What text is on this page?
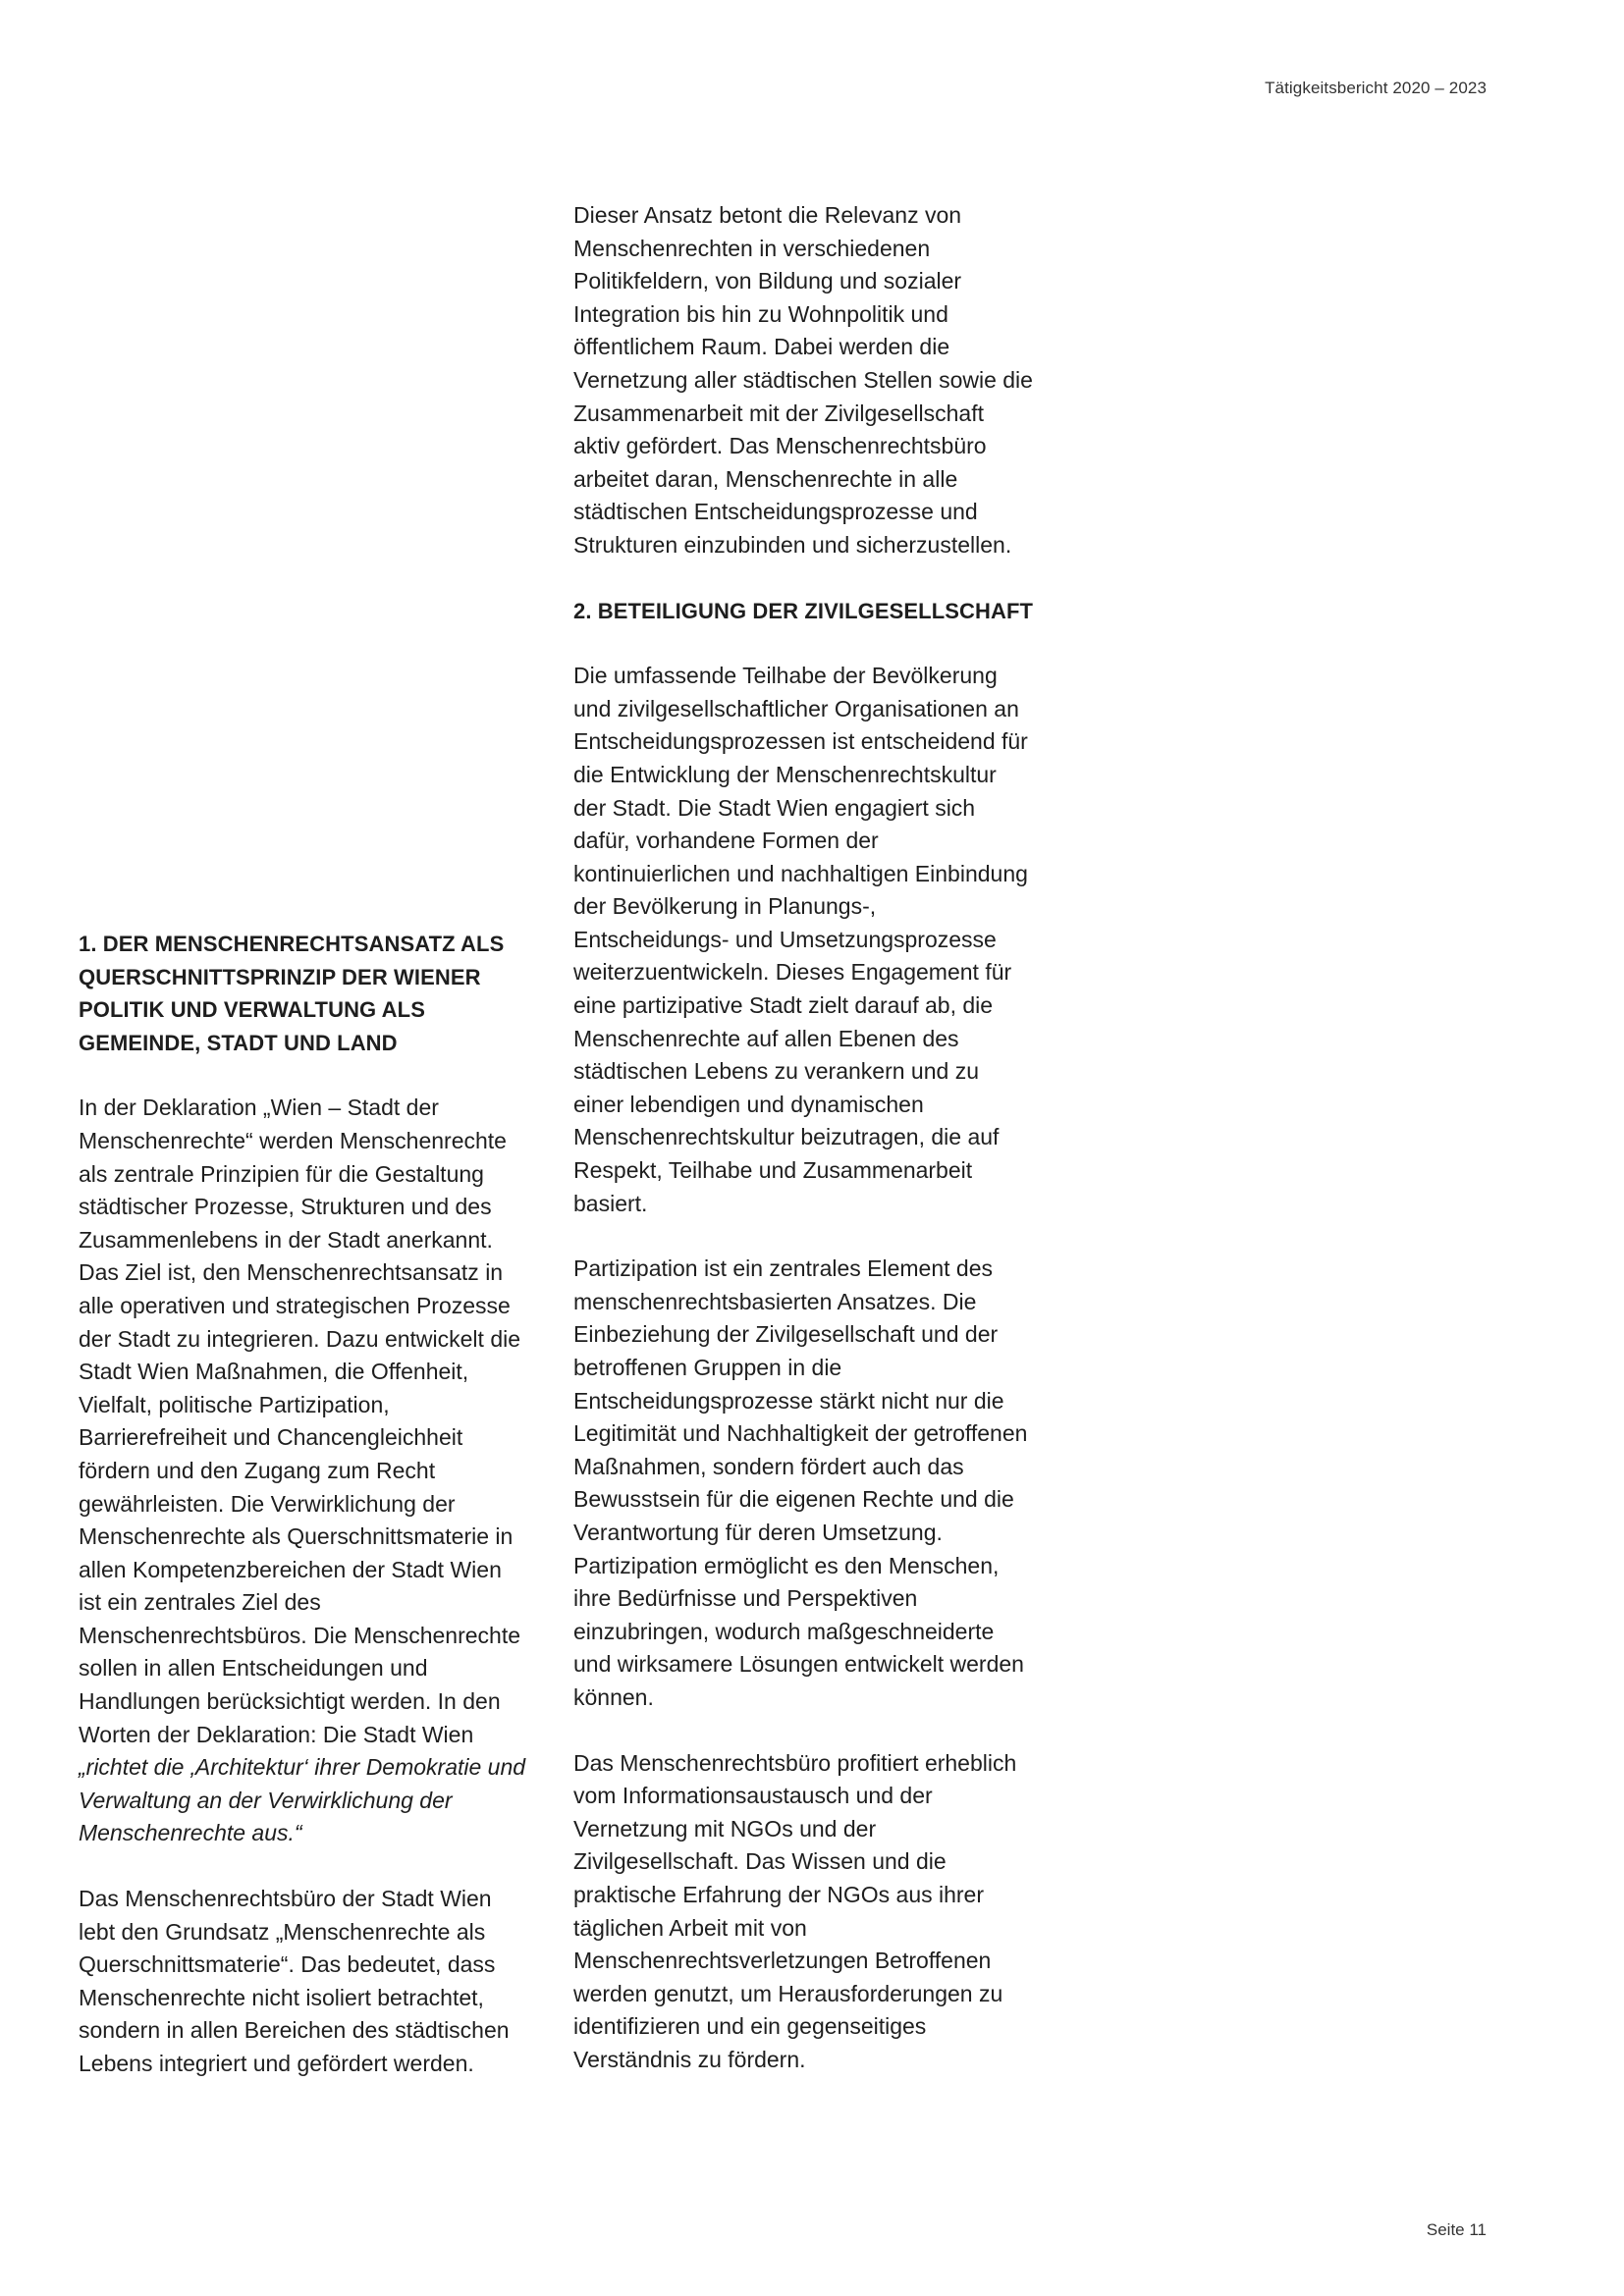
Tätigkeitsbericht 2020 – 2023
1. DER MENSCHENRECHTSANSATZ ALS QUERSCHNITTSPRINZIP DER WIENER POLITIK UND VERWALTUNG ALS GEMEINDE, STADT UND LAND
In der Deklaration „Wien – Stadt der Menschenrechte“ werden Menschenrechte als zentrale Prinzipien für die Gestaltung städtischer Prozesse, Strukturen und des Zusammenlebens in der Stadt anerkannt. Das Ziel ist, den Menschenrechtsansatz in alle operativen und strategischen Prozesse der Stadt zu integrieren. Dazu entwickelt die Stadt Wien Maßnahmen, die Offenheit, Vielfalt, politische Partizipation, Barrierefreiheit und Chancengleichheit fördern und den Zugang zum Recht gewährleisten. Die Verwirklichung der Menschenrechte als Querschnittsmaterie in allen Kompetenzbereichen der Stadt Wien ist ein zentrales Ziel des Menschenrechtsbüros. Die Menschenrechte sollen in allen Entscheidungen und Handlungen berücksichtigt werden. In den Worten der Deklaration: Die Stadt Wien „richtet die ‚Architektur‘ ihrer Demokratie und Verwaltung an der Verwirklichung der Menschenrechte aus.“
Das Menschenrechtsbüro der Stadt Wien lebt den Grundsatz „Menschenrechte als Querschnittsmaterie“. Das bedeutet, dass Menschenrechte nicht isoliert betrachtet, sondern in allen Bereichen des städtischen Lebens integriert und gefördert werden.
Dieser Ansatz betont die Relevanz von Menschenrechten in verschiedenen Politikfeldern, von Bildung und sozialer Integration bis hin zu Wohnpolitik und öffentlichem Raum. Dabei werden die Vernetzung aller städtischen Stellen sowie die Zusammenarbeit mit der Zivilgesellschaft aktiv gefördert. Das Menschenrechtsbüro arbeitet daran, Menschenrechte in alle städtischen Entscheidungsprozesse und Strukturen einzubinden und sicherzustellen.
2. BETEILIGUNG DER ZIVILGESELLSCHAFT
Die umfassende Teilhabe der Bevölkerung und zivilgesellschaftlicher Organisationen an Entscheidungsprozessen ist entscheidend für die Entwicklung der Menschenrechtskultur der Stadt. Die Stadt Wien engagiert sich dafür, vorhandene Formen der kontinuierlichen und nachhaltigen Einbindung der Bevölkerung in Planungs-, Entscheidungs- und Umsetzungsprozesse weiterzuentwickeln. Dieses Engagement für eine partizipative Stadt zielt darauf ab, die Menschenrechte auf allen Ebenen des städtischen Lebens zu verankern und zu einer lebendigen und dynamischen Menschenrechtskultur beizutragen, die auf Respekt, Teilhabe und Zusammenarbeit basiert.
Partizipation ist ein zentrales Element des menschenrechtsbasierten Ansatzes. Die Einbeziehung der Zivilgesellschaft und der betroffenen Gruppen in die Entscheidungsprozesse stärkt nicht nur die Legitimität und Nachhaltigkeit der getroffenen Maßnahmen, sondern fördert auch das Bewusstsein für die eigenen Rechte und die Verantwortung für deren Umsetzung. Partizipation ermöglicht es den Menschen, ihre Bedürfnisse und Perspektiven einzubringen, wodurch maßgeschneiderte und wirksamere Lösungen entwickelt werden können.
Das Menschenrechtsbüro profitiert erheblich vom Informationsaustausch und der Vernetzung mit NGOs und der Zivilgesellschaft. Das Wissen und die praktische Erfahrung der NGOs aus ihrer täglichen Arbeit mit von Menschenrechtsverletzungen Betroffenen werden genutzt, um Herausforderungen zu identifizieren und ein gegenseitiges Verständnis zu fördern.
Seite 11
